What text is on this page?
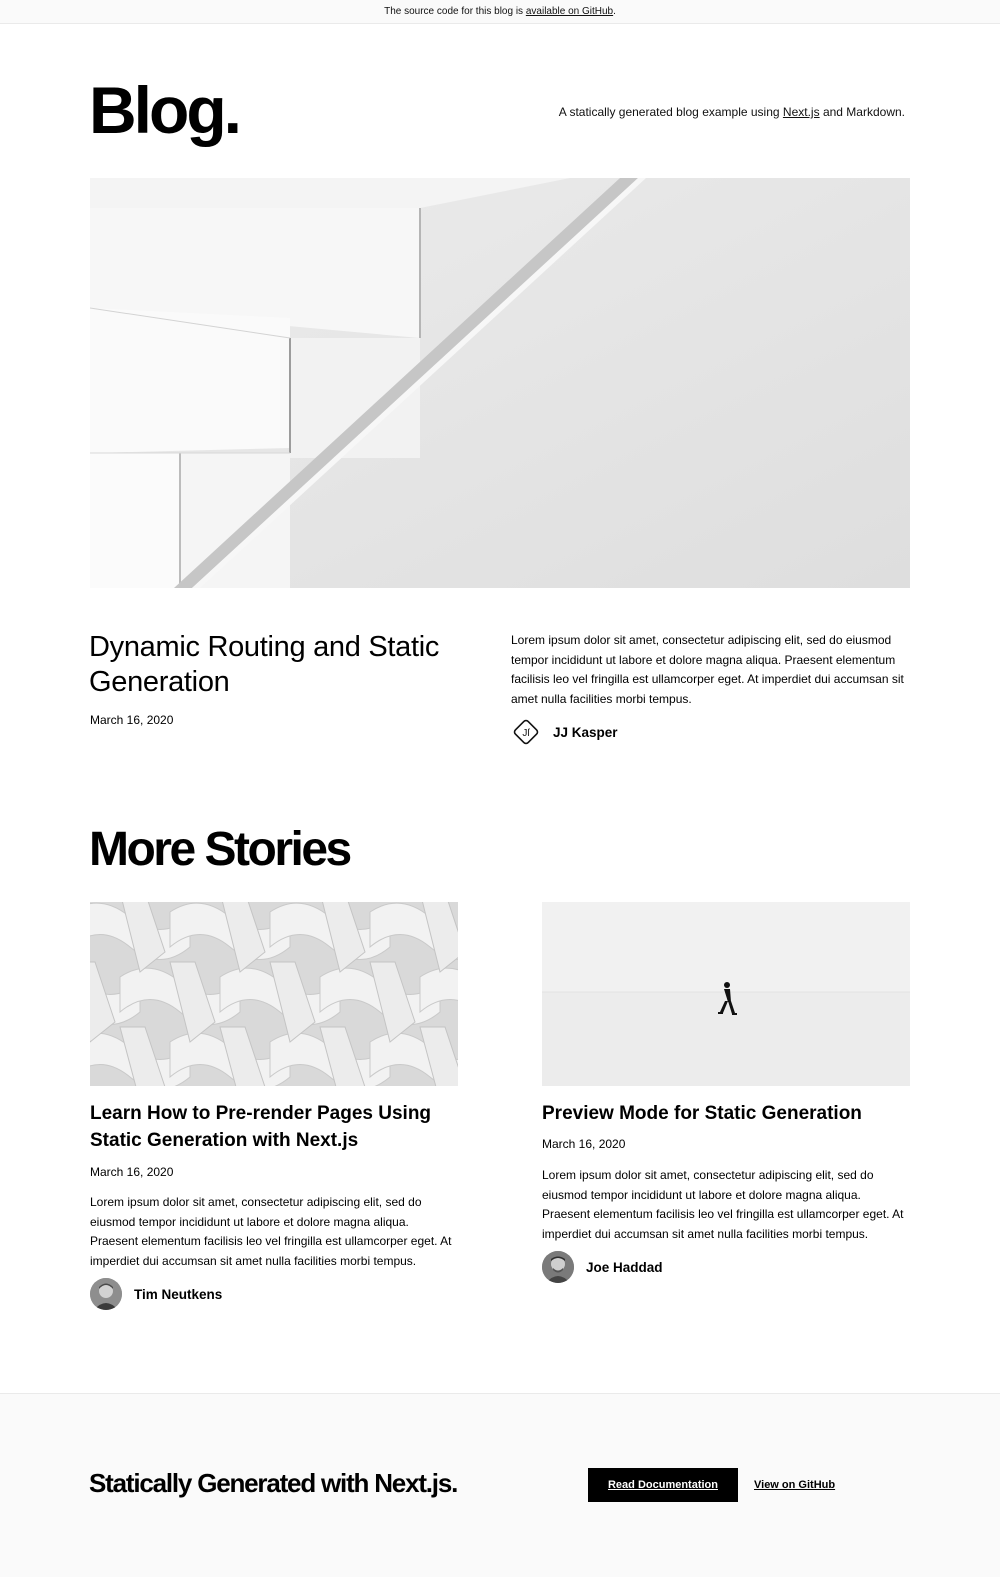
The source code for this blog is available on GitHub.
Blog.	A statically generated blog example using Next.js and Markdown.
Dynamic Routing and Static Generation
March 16, 2020

Lorem ipsum dolor sit amet, consectetur adipiscing elit, sed do eiusmod tempor incididunt ut labore et dolore magna aliqua. Praesent elementum facilisis leo vel fringilla est ullamcorper eget. At imperdiet dui accumsan sit amet nulla facilities morbi tempus.

Jſ JJ Kasper
More Stories
Learn How to Pre-render Pages Using Static Generation with Next.js
March 16, 2020

Lorem ipsum dolor sit amet, consectetur adipiscing elit, sed do eiusmod tempor incididunt ut labore et dolore magna aliqua. Praesent elementum facilisis leo vel fringilla est ullamcorper eget. At imperdiet dui accumsan sit amet nulla facilities morbi tempus.

Tim Neutkens
Preview Mode for Static Generation
March 16, 2020

Lorem ipsum dolor sit amet, consectetur adipiscing elit, sed do eiusmod tempor incididunt ut labore et dolore magna aliqua. Praesent elementum facilisis leo vel fringilla est ullamcorper eget. At imperdiet dui accumsan sit amet nulla facilities morbi tempus.

Joe Haddad
Statically Generated with Next.js.	Read Documentation	View on GitHub
